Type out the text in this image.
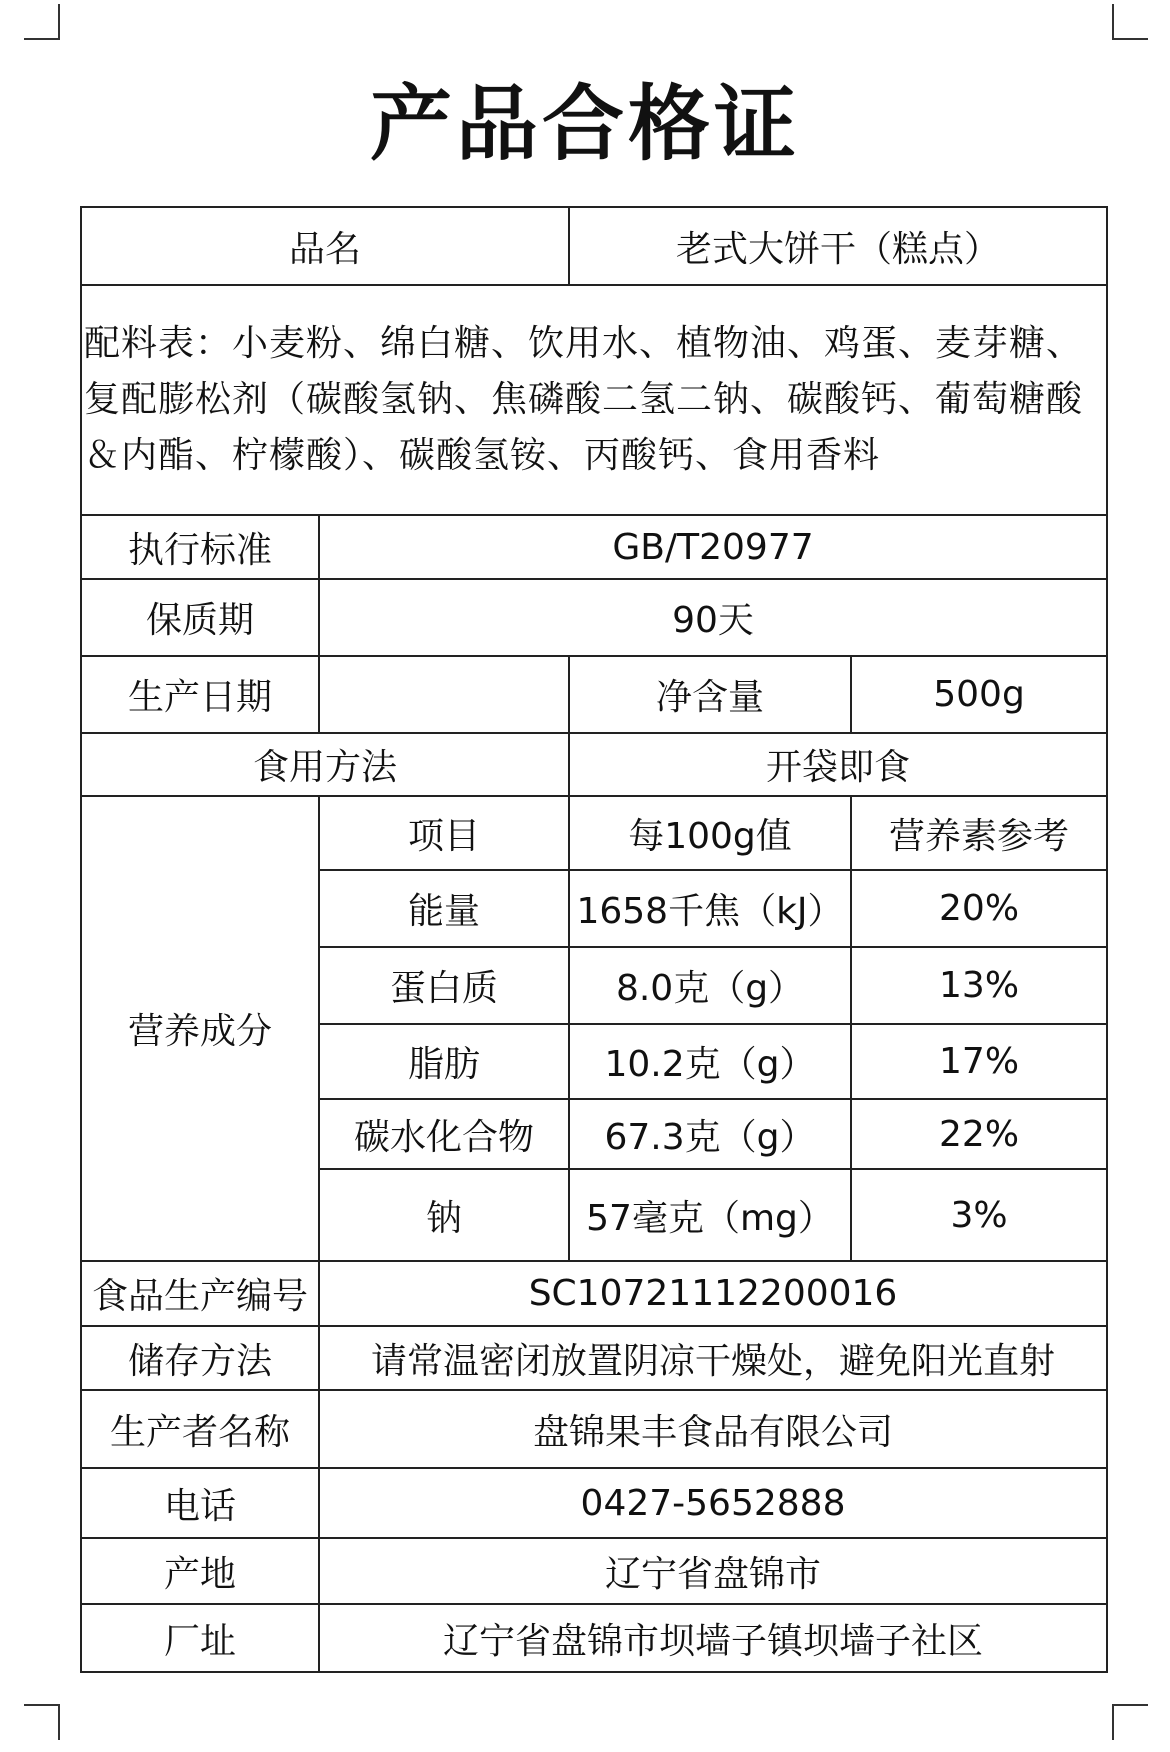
产品合格证
品名		老式大饼干（糕点）	
配料表：小麦粉、绵白糖、饮用水、植物油、鸡蛋、麦芽糖、复配膨松剂（碳酸氢钠、焦磷酸二氢二钠、碳酸钙、葡萄糖酸＆内酯、柠檬酸）、碳酸氢铵、丙酸钙、食用香料			
执行标准	GB/T20977		
保质期	90天		
生产日期		净含量	500g
食用方法		开袋即食	
营养成分	项目	每100g值	营养素参考
	能量	1658千焦（kJ）	20%
	蛋白质	8.0克（g）	13%
	脂肪	10.2克（g）	17%
	碳水化合物	67.3克（g）	22%
	钠	57毫克（mg）	3%
食品生产编号	SC10721112200016		
储存方法	请常温密闭放置阴凉干燥处，避免阳光直射		
生产者名称	盘锦果丰食品有限公司		
电话	0427-5652888		
产地	辽宁省盘锦市		
厂址	辽宁省盘锦市坝墙子镇坝墙子社区		
